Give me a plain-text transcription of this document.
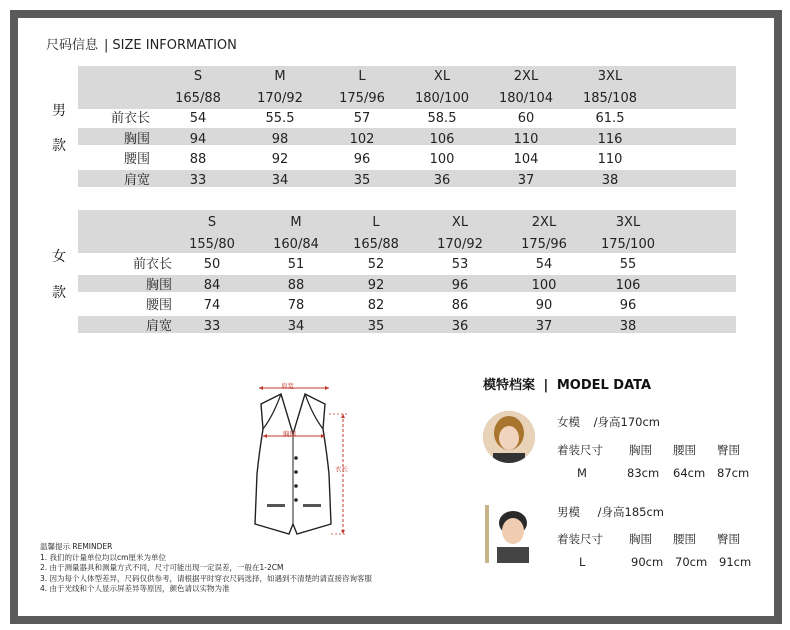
尺码信息 | SIZE INFORMATION
男
款
S	M	L	XL	2XL	3XL
165/88	170/92	175/96	180/100	180/104	185/108
前衣长	54	55.5	57	58.5	60	61.5
胸围	94	98	102	106	110	116
腰围	88	92	96	100	104	110
肩宽	33	34	35	36	37	38
女
款
S	M	L	XL	2XL	3XL
155/80	160/84	165/88	170/92	175/96	175/100
前衣长	50	51	52	53	54	55
胸围	84	88	92	96	100	106
腰围	74	78	82	86	90	96
肩宽	33	34	35	36	37	38
肩宽
胸围
衣长
温馨提示 REMINDER
1. 我们的计量单位均以cm厘米为单位
2. 由于测量器具和测量方式不同，尺寸可能出现一定误差，一般在1-2CM
3. 因为每个人体型差异，尺码仅供参考，请根据平时穿衣尺码选择，如遇到不清楚的请直接咨询客服
4. 由于光线和个人显示屏差异等原因，颜色请以实物为准
模特档案 | MODEL DATA
女模 /身高170cm
着装尺寸 胸围 腰围 臀围
M	83cm 64cm 87cm
男模 /身高185cm
着装尺寸 胸围 腰围 臀围
L	90cm 70cm 91cm
